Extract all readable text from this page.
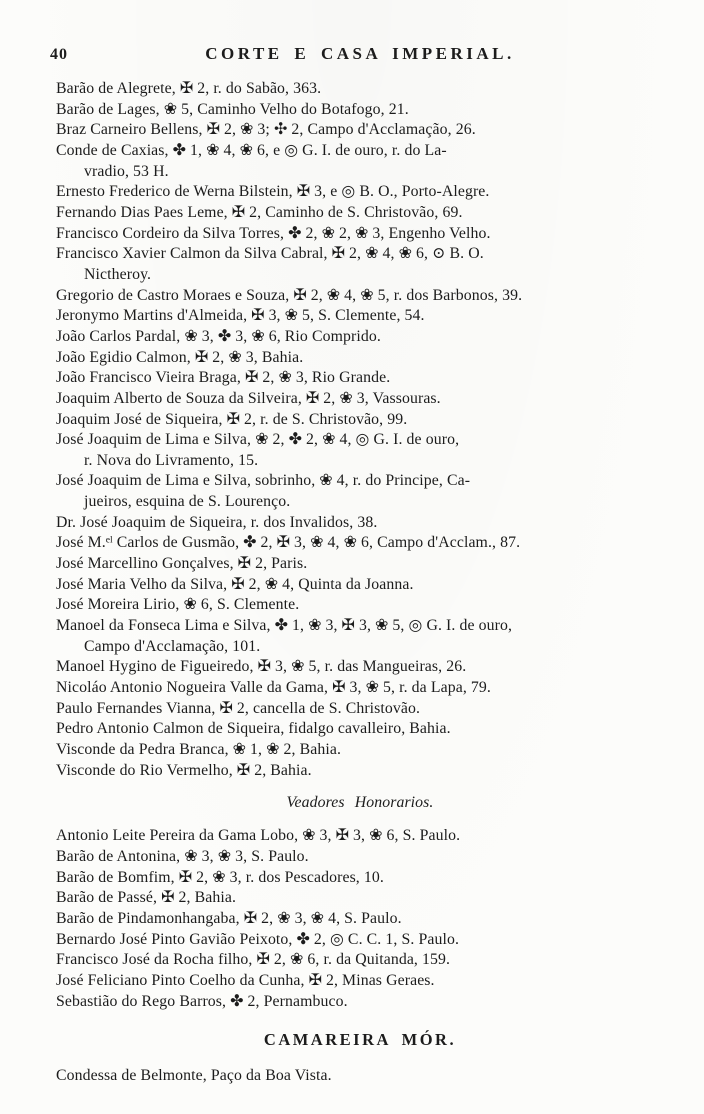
40	CORTE E CASA IMPERIAL.
Barão de Alegrete, ✠ 2, r. do Sabão, 363.
Barão de Lages, ❀ 5, Caminho Velho do Botafogo, 21.
Braz Carneiro Bellens, ✠ 2, ❀ 3; ✣ 2, Campo d'Acclamação, 26.
Conde de Caxias, ✤ 1, ❀ 4, ❀ 6, e ◎ G. I. de ouro, r. do La-
vradio, 53 H.
Ernesto Frederico de Werna Bilstein, ✠ 3, e ◎ B. O., Porto-Alegre.
Fernando Dias Paes Leme, ✠ 2, Caminho de S. Christovão, 69.
Francisco Cordeiro da Silva Torres, ✤ 2, ❀ 2, ❀ 3, Engenho Velho.
Francisco Xavier Calmon da Silva Cabral, ✠ 2, ❀ 4, ❀ 6, ⊙ B. O.
Nictheroy.
Gregorio de Castro Moraes e Souza, ✠ 2, ❀ 4, ❀ 5, r. dos Barbonos, 39.
Jeronymo Martins d'Almeida, ✠ 3, ❀ 5, S. Clemente, 54.
João Carlos Pardal, ❀ 3, ✤ 3, ❀ 6, Rio Comprido.
João Egidio Calmon, ✠ 2, ❀ 3, Bahia.
João Francisco Vieira Braga, ✠ 2, ❀ 3, Rio Grande.
Joaquim Alberto de Souza da Silveira, ✠ 2, ❀ 3, Vassouras.
Joaquim José de Siqueira, ✠ 2, r. de S. Christovão, 99.
José Joaquim de Lima e Silva, ❀ 2, ✤ 2, ❀ 4, ◎ G. I. de ouro,
r. Nova do Livramento, 15.
José Joaquim de Lima e Silva, sobrinho, ❀ 4, r. do Principe, Ca-
jueiros, esquina de S. Lourenço.
Dr. José Joaquim de Siqueira, r. dos Invalidos, 38.
José M.ᵉˡ Carlos de Gusmão, ✤ 2, ✠ 3, ❀ 4, ❀ 6, Campo d'Acclam., 87.
José Marcellino Gonçalves, ✠ 2, Paris.
José Maria Velho da Silva, ✠ 2, ❀ 4, Quinta da Joanna.
José Moreira Lirio, ❀ 6, S. Clemente.
Manoel da Fonseca Lima e Silva, ✤ 1, ❀ 3, ✠ 3, ❀ 5, ◎ G. I. de ouro,
Campo d'Acclamação, 101.
Manoel Hygino de Figueiredo, ✠ 3, ❀ 5, r. das Mangueiras, 26.
Nicoláo Antonio Nogueira Valle da Gama, ✠ 3, ❀ 5, r. da Lapa, 79.
Paulo Fernandes Vianna, ✠ 2, cancella de S. Christovão.
Pedro Antonio Calmon de Siqueira, fidalgo cavalleiro, Bahia.
Visconde da Pedra Branca, ❀ 1, ❀ 2, Bahia.
Visconde do Rio Vermelho, ✠ 2, Bahia.
Veadores Honorarios.
Antonio Leite Pereira da Gama Lobo, ❀ 3, ✠ 3, ❀ 6, S. Paulo.
Barão de Antonina, ❀ 3, ❀ 3, S. Paulo.
Barão de Bomfim, ✠ 2, ❀ 3, r. dos Pescadores, 10.
Barão de Passé, ✠ 2, Bahia.
Barão de Pindamonhangaba, ✠ 2, ❀ 3, ❀ 4, S. Paulo.
Bernardo José Pinto Gavião Peixoto, ✤ 2, ◎ C. C. 1, S. Paulo.
Francisco José da Rocha filho, ✠ 2, ❀ 6, r. da Quitanda, 159.
José Feliciano Pinto Coelho da Cunha, ✠ 2, Minas Geraes.
Sebastião do Rego Barros, ✤ 2, Pernambuco.
CAMAREIRA MÓR.
Condessa de Belmonte, Paço da Boa Vista.
